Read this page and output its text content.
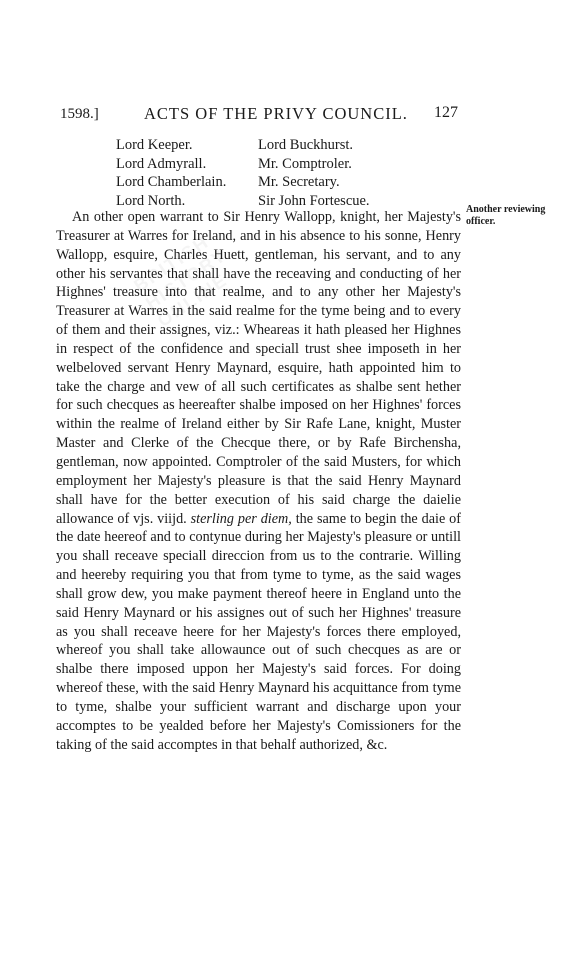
BRITISH HISTORY ONLINE
1598.]	ACTS OF THE PRIVY COUNCIL. 127
Lord Keeper.	Lord Buckhurst.
Lord Admyrall.	Mr. Comptroler.
Lord Chamberlain.	Mr. Secretary.
Lord North.	Sir John Fortescue.
Another reviewing officer.

An other open warrant to Sir Henry Wallopp, knight, her Majesty's Treasurer at Warres for Ireland, and in his absence to his sonne, Henry Wallopp, esquire, Charles Huett, gentleman, his servant, and to any other his servantes that shall have the receaving and conducting of her Highnes' treasure into that realme, and to any other her Majesty's Treasurer at Warres in the said realme for the tyme being and to every of them and their assignes, viz.: Wheareas it hath pleased her Highnes in respect of the confidence and speciall trust shee imposeth in her welbeloved servant Henry Maynard, esquire, hath appointed him to take the charge and vew of all such certificates as shalbe sent hether for such checques as heereafter shalbe imposed on her Highnes' forces within the realme of Ireland either by Sir Rafe Lane, knight, Muster Master and Clerke of the Checque there, or by Rafe Birchensha, gentleman, now appointed. Comptroler of the said Musters, for which employment her Majesty's pleasure is that the said Henry Maynard shall have for the better execution of his said charge the daielie allowance of vjs. viijd. sterling per diem, the same to begin the daie of the date heereof and to contynue during her Majesty's pleasure or untill you shall receave speciall direccion from us to the contrarie. Willing and heereby requiring you that from tyme to tyme, as the said wages shall grow dew, you make payment thereof heere in England unto the said Henry Maynard or his assignes out of such her Highnes' treasure as you shall receave heere for her Majesty's forces there employed, whereof you shall take allowaunce out of such checques as are or shalbe there imposed uppon her Majesty's said forces. For doing whereof these, with the said Henry Maynard his acquittance from tyme to tyme, shalbe your sufficient warrant and discharge upon your accomptes to be yealded before her Majesty's Comissioners for the taking of the said accomptes in that behalf authorized, &c.
